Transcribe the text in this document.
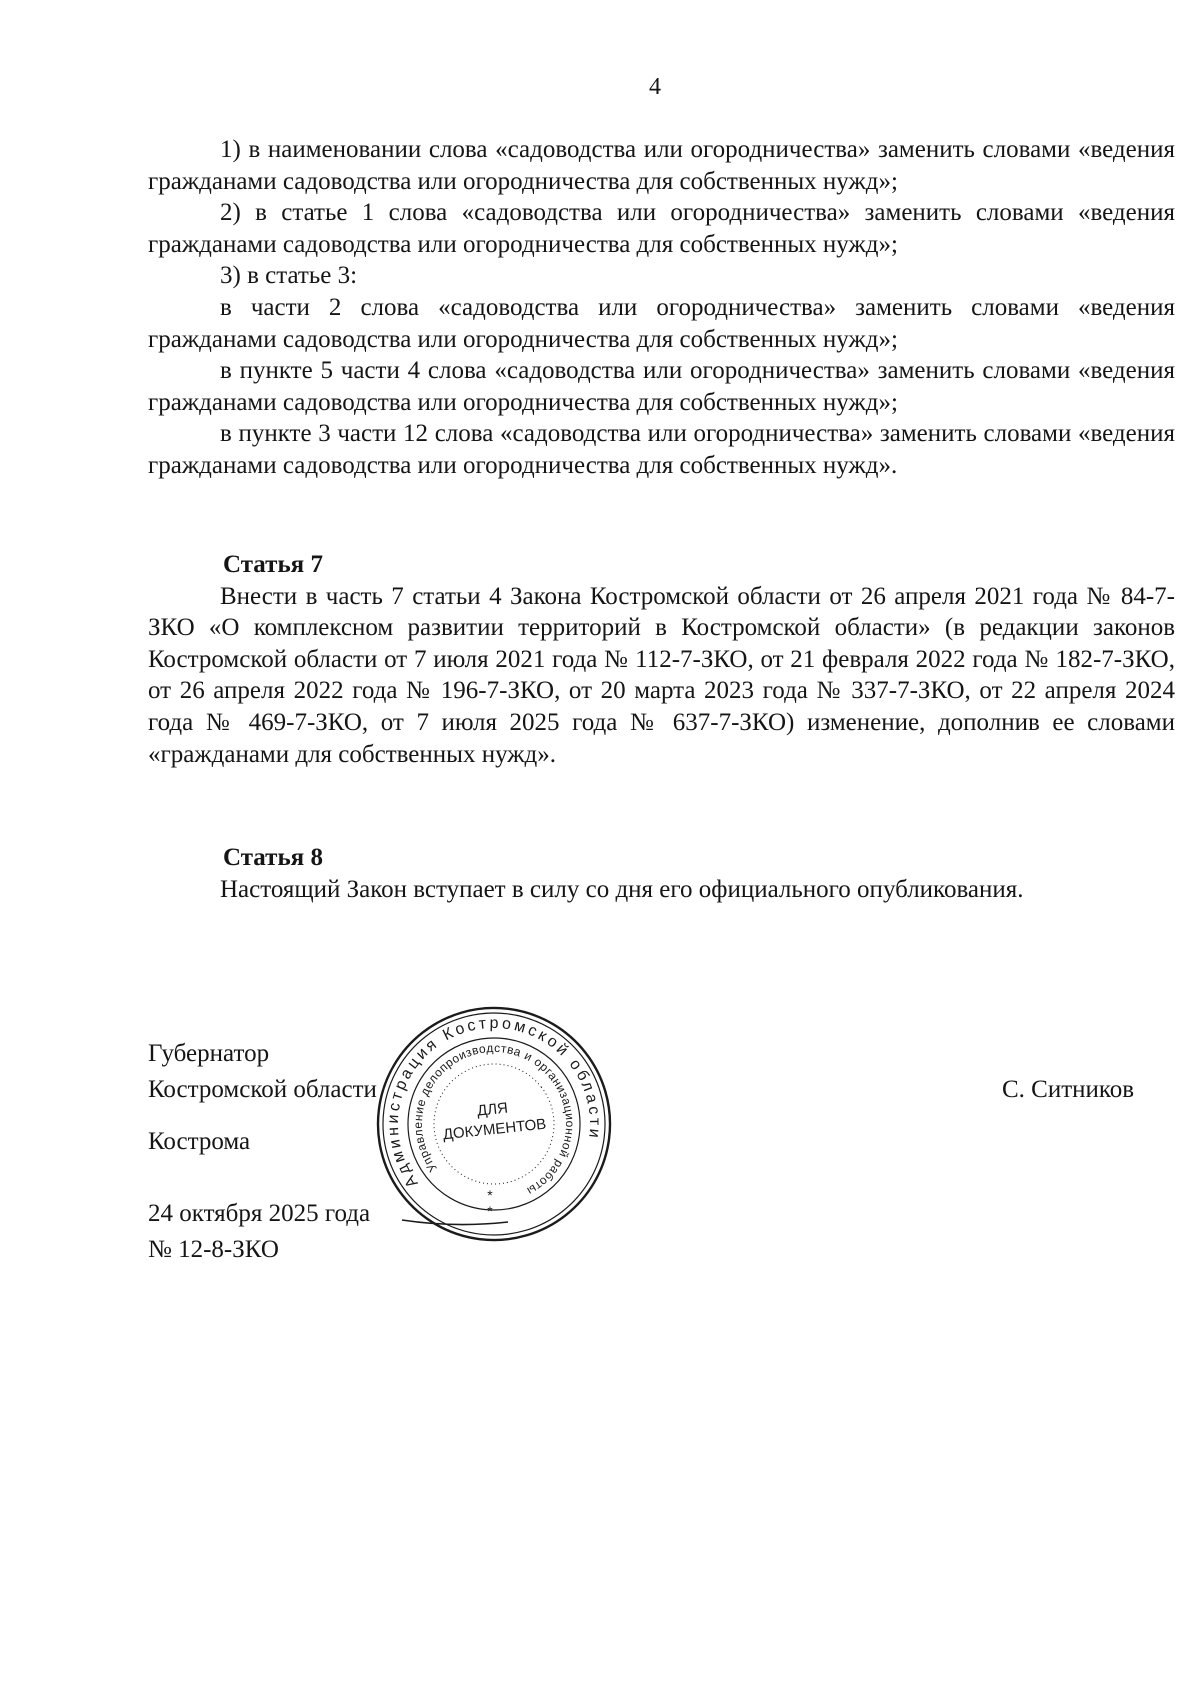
4

1) в наименовании слова «садоводства или огородничества» заменить словами «ведения гражданами садоводства или огородничества для собственных нужд»;

2) в статье 1 слова «садоводства или огородничества» заменить словами «ведения гражданами садоводства или огородничества для собственных нужд»;

3) в статье 3:

в части 2 слова «садоводства или огородничества» заменить словами «ведения гражданами садоводства или огородничества для собственных нужд»;

в пункте 5 части 4 слова «садоводства или огородничества» заменить словами «ведения гражданами садоводства или огородничества для собственных нужд»;

в пункте 3 части 12 слова «садоводства или огородничества» заменить словами «ведения гражданами садоводства или огородничества для собственных нужд».

Статья 7

Внести в часть 7 статьи 4 Закона Костромской области от 26 апреля 2021 года № 84-7-ЗКО «О комплексном развитии территорий в Костромской области» (в редакции законов Костромской области от 7 июля 2021 года № 112-7-ЗКО, от 21 февраля 2022 года № 182-7-ЗКО, от 26 апреля 2022 года № 196-7-ЗКО, от 20 марта 2023 года № 337-7-ЗКО, от 22 апреля 2024 года № 469-7-ЗКО, от 7 июля 2025 года № 637-7-ЗКО) изменение, дополнив ее словами «гражданами для собственных нужд».

Статья 8

Настоящий Закон вступает в силу со дня его официального опубликования.

Губернатор
Костромской области	С. Ситников
Кострома
24 октября 2025 года
№ 12-8-ЗКО
Администрация Костромской области
Управление делопроизводства и организационной работы
ДЛЯ
ДОКУМЕНТОВ
*
*
